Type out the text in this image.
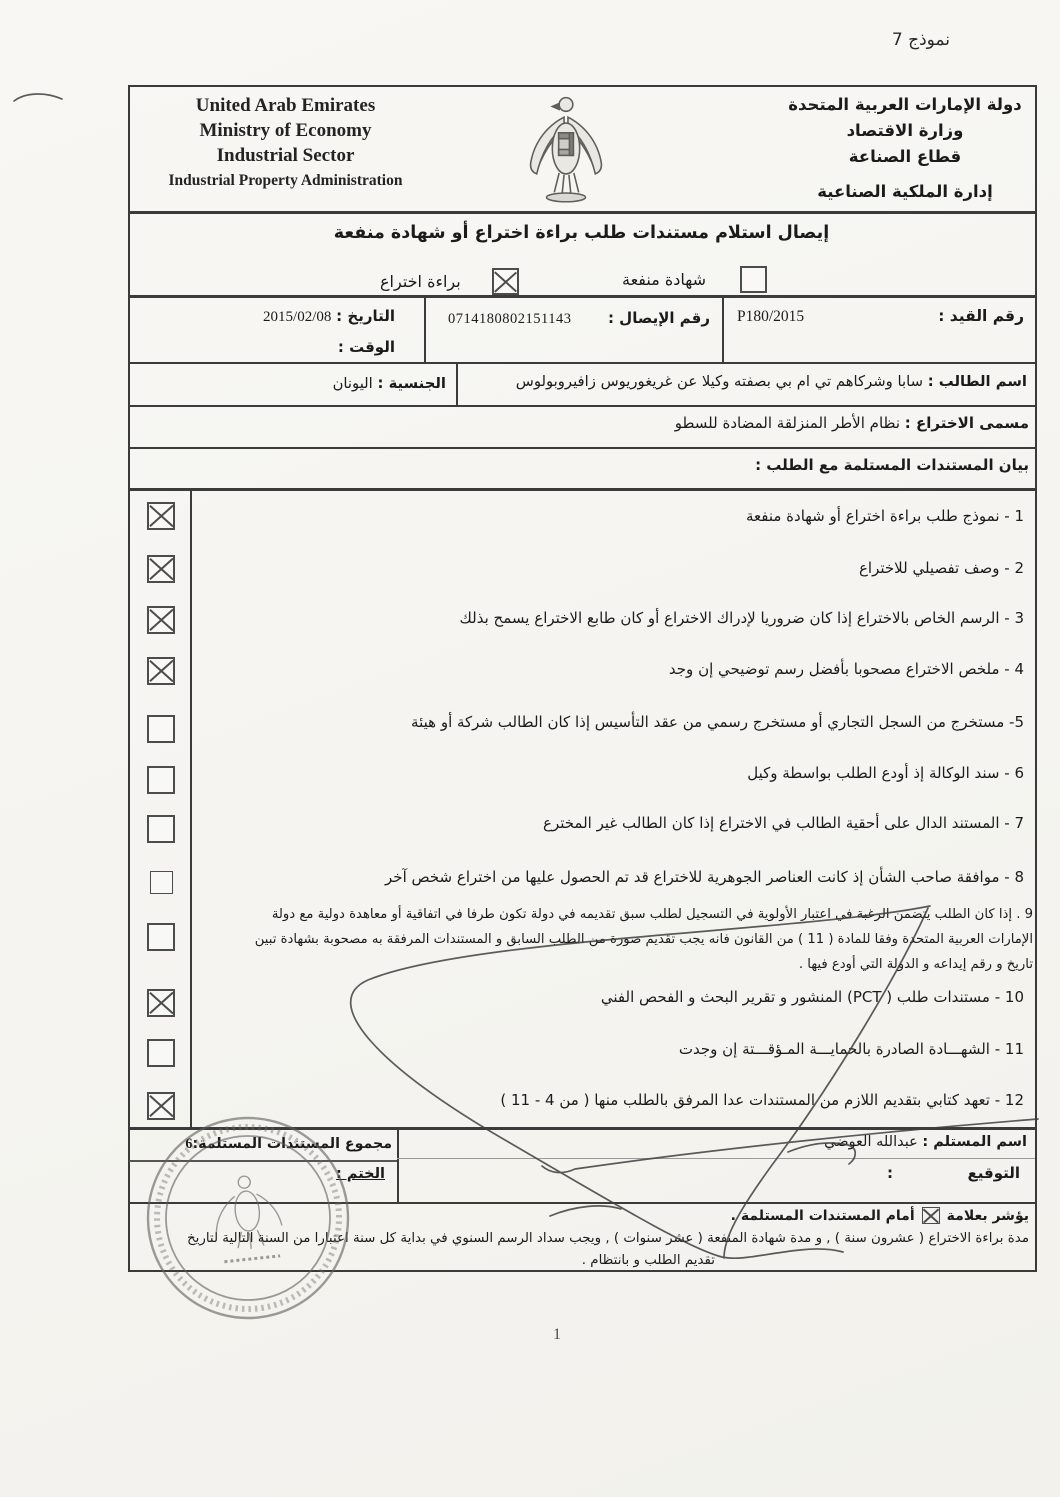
نموذج 7
United Arab Emirates
Ministry of Economy
Industrial Sector
Industrial Property Administration
دولة الإمارات العربية المتحدة
وزارة الاقتصاد
قطاع الصناعة
إدارة الملكية الصناعية
إيصال استلام مستندات طلب براءة اختراع أو شهادة منفعة
شهادة منفعة
براءة اختراع
رقم القيد :
P180/2015
رقم الإيصال :
0714180802151143
التاريخ : 2015/02/08
الوقت :
اسم الطالب : سابا وشركاهم تي ام بي بصفته وكيلا عن غريغوريوس زافيروبولوس
الجنسية : اليونان
مسمى الاختراع : نظام الأطر المنزلقة المضادة للسطو
بيان المستندات المستلمة مع الطلب :
1 - نموذج طلب براءة اختراع أو شهادة منفعة
2 - وصف تفصيلي للاختراع
3 - الرسم الخاص بالاختراع إذا كان ضروريا لإدراك الاختراع أو كان طابع الاختراع يسمح بذلك
4 - ملخص الاختراع مصحوبا بأفضل رسم توضيحي إن وجد
5- مستخرج من السجل التجاري أو مستخرج رسمي من عقد التأسيس إذا كان الطالب شركة أو هيئة
6 - سند الوكالة إذ أودع الطلب بواسطة وكيل
7 - المستند الدال على أحقية الطالب في الاختراع إذا كان الطالب غير المخترع
8 - موافقة صاحب الشأن إذ كانت العناصر الجوهرية للاختراع قد تم الحصول عليها من اختراع شخص آخر
9 . إذا كان الطلب يتضمن الرغبة في اعتبار الأولوية في التسجيل لطلب سبق تقديمه في دولة تكون طرفا في اتفاقية أو معاهدة دولية مع دولة
الإمارات العربية المتحدة وفقا للمادة ( 11 ) من القانون فانه يجب تقديم صورة من الطلب السابق و المستندات المرفقة به مصحوبة بشهادة تبين
تاريخ و رقم إيداعه و الدولة التي أودع فيها .
10 - مستندات طلب ( PCT) المنشور و تقرير البحث و الفحص الفني
11 - الشهـــادة الصادرة بالحمايـــة المـؤقـــتة إن وجدت
12 - تعهد كتابي بتقديم اللازم من المستندات عدا المرفق بالطلب منها ( من 4 - 11 )
اسم المستلم : عبدالله العوضي
التوقيع
:
مجموع المستندات المستلمة:6
الختم :
يؤشر بعلامة
أمام المستندات المستلمة .
مدة براءة الاختراع ( عشرون سنة ) , و مدة شهادة المنفعة ( عشر سنوات ) , ويجب سداد الرسم السنوي في بداية كل سنة اعتبارا من السنة التالية لتاريخ
تقديم الطلب و بانتظام .
1
